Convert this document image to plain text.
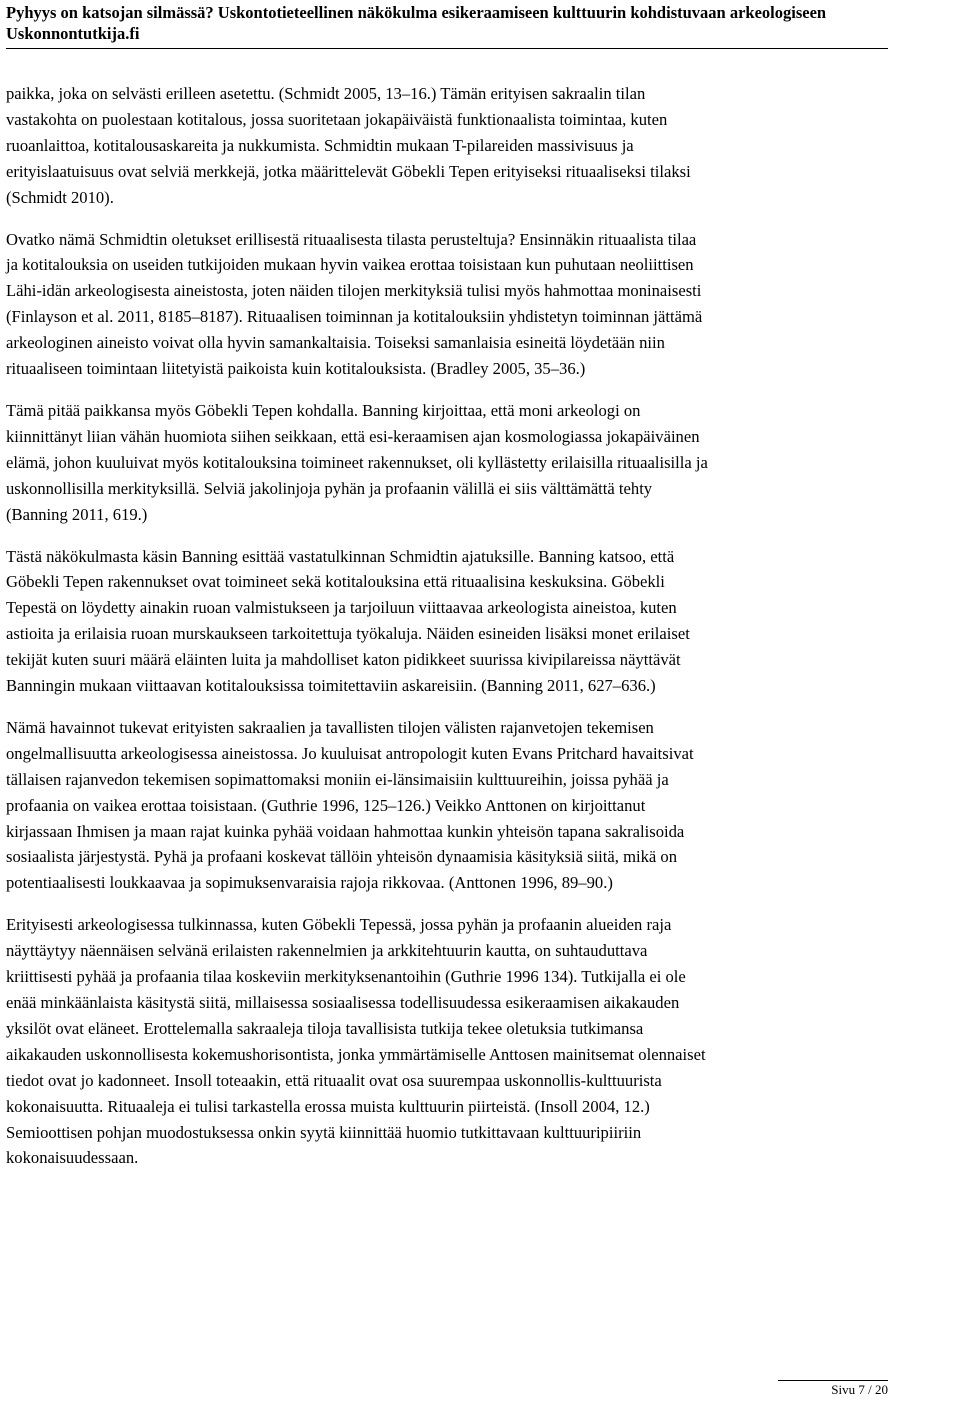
Pyhyys on katsojan silmässä? Uskontotieteellinen näkökulma esikeraamiseen kulttuurin kohdistuvaan arkeologiseen
Uskonnontutkija.fi

paikka, joka on selvästi erilleen asetettu. (Schmidt 2005, 13–16.) Tämän erityisen sakraalin tilan
vastakohta on puolestaan kotitalous, jossa suoritetaan jokapäiväistä funktionaalista toimintaa, kuten
ruoanlaittoa, kotitalousaskareita ja nukkumista. Schmidtin mukaan T-pilareiden massivisuus ja
erityislaatuisuus ovat selviä merkkejä, jotka määrittelevät Göbekli Tepen erityiseksi rituaaliseksi tilaksi
(Schmidt 2010).

Ovatko nämä Schmidtin oletukset erillisestä rituaalisesta tilasta perusteltuja? Ensinnäkin rituaalista tilaa
ja kotitalouksia on useiden tutkijoiden mukaan hyvin vaikea erottaa toisistaan kun puhutaan neoliittisen
Lähi-idän arkeologisesta aineistosta, joten näiden tilojen merkityksiä tulisi myös hahmottaa moninaisesti
(Finlayson et al. 2011, 8185–8187). Rituaalisen toiminnan ja kotitalouksiin yhdistetyn toiminnan jättämä
arkeologinen aineisto voivat olla hyvin samankaltaisia. Toiseksi samanlaisia esineitä löydetään niin
rituaaliseen toimintaan liitetyistä paikoista kuin kotitalouksista. (Bradley 2005, 35–36.)

Tämä pitää paikkansa myös Göbekli Tepen kohdalla. Banning kirjoittaa, että moni arkeologi on
kiinnittänyt liian vähän huomiota siihen seikkaan, että esi-keraamisen ajan kosmologiassa jokapäiväinen
elämä, johon kuuluivat myös kotitalouksina toimineet rakennukset, oli kyllästetty erilaisilla rituaalisilla ja
uskonnollisilla merkityksillä. Selviä jakolinjoja pyhän ja profaanin välillä ei siis välttämättä tehty
(Banning 2011, 619.)

Tästä näkökulmasta käsin Banning esittää vastatulkinnan Schmidtin ajatuksille. Banning katsoo, että
Göbekli Tepen rakennukset ovat toimineet sekä kotitalouksina että rituaalisina keskuksina. Göbekli
Tepestä on löydetty ainakin ruoan valmistukseen ja tarjoiluun viittaavaa arkeologista aineistoa, kuten
astioita ja erilaisia ruoan murskaukseen tarkoitettuja työkaluja. Näiden esineiden lisäksi monet erilaiset
tekijät kuten suuri määrä eläinten luita ja mahdolliset katon pidikkeet suurissa kivipilareissa näyttävät
Banningin mukaan viittaavan kotitalouksissa toimitettaviin askareisiin. (Banning 2011, 627–636.)

Nämä havainnot tukevat erityisten sakraalien ja tavallisten tilojen välisten rajanvetojen tekemisen
ongelmallisuutta arkeologisessa aineistossa. Jo kuuluisat antropologit kuten Evans Pritchard havaitsivat
tällaisen rajanvedon tekemisen sopimattomaksi moniin ei-länsimaisiin kulttuureihin, joissa pyhää ja
profaania on vaikea erottaa toisistaan. (Guthrie 1996, 125–126.) Veikko Anttonen on kirjoittanut
kirjassaan Ihmisen ja maan rajat kuinka pyhää voidaan hahmottaa kunkin yhteisön tapana sakralisoida
sosiaalista järjestystä. Pyhä ja profaani koskevat tällöin yhteisön dynaamisia käsityksiä siitä, mikä on
potentiaalisesti loukkaavaa ja sopimuksenvaraisia rajoja rikkovaa. (Anttonen 1996, 89–90.)

Erityisesti arkeologisessa tulkinnassa, kuten Göbekli Tepessä, jossa pyhän ja profaanin alueiden raja
näyttäytyy näennäisen selvänä erilaisten rakennelmien ja arkkitehtuurin kautta, on suhtauduttava
kriittisesti pyhää ja profaania tilaa koskeviin merkityksenantoihin (Guthrie 1996 134). Tutkijalla ei ole
enää minkäänlaista käsitystä siitä, millaisessa sosiaalisessa todellisuudessa esikeraamisen aikakauden
yksilöt ovat eläneet. Erottelemalla sakraaleja tiloja tavallisista tutkija tekee oletuksia tutkimansa
aikakauden uskonnollisesta kokemushorisontista, jonka ymmärtämiselle Anttosen mainitsemat olennaiset
tiedot ovat jo kadonneet. Insoll toteaakin, että rituaalit ovat osa suurempaa uskonnollis-kulttuurista
kokonaisuutta. Rituaaleja ei tulisi tarkastella erossa muista kulttuurin piirteistä. (Insoll 2004, 12.)
Semioottisen pohjan muodostuksessa onkin syytä kiinnittää huomio tutkittavaan kulttuuripiiriin
kokonaisuudessaan.

Sivu 7 / 20
